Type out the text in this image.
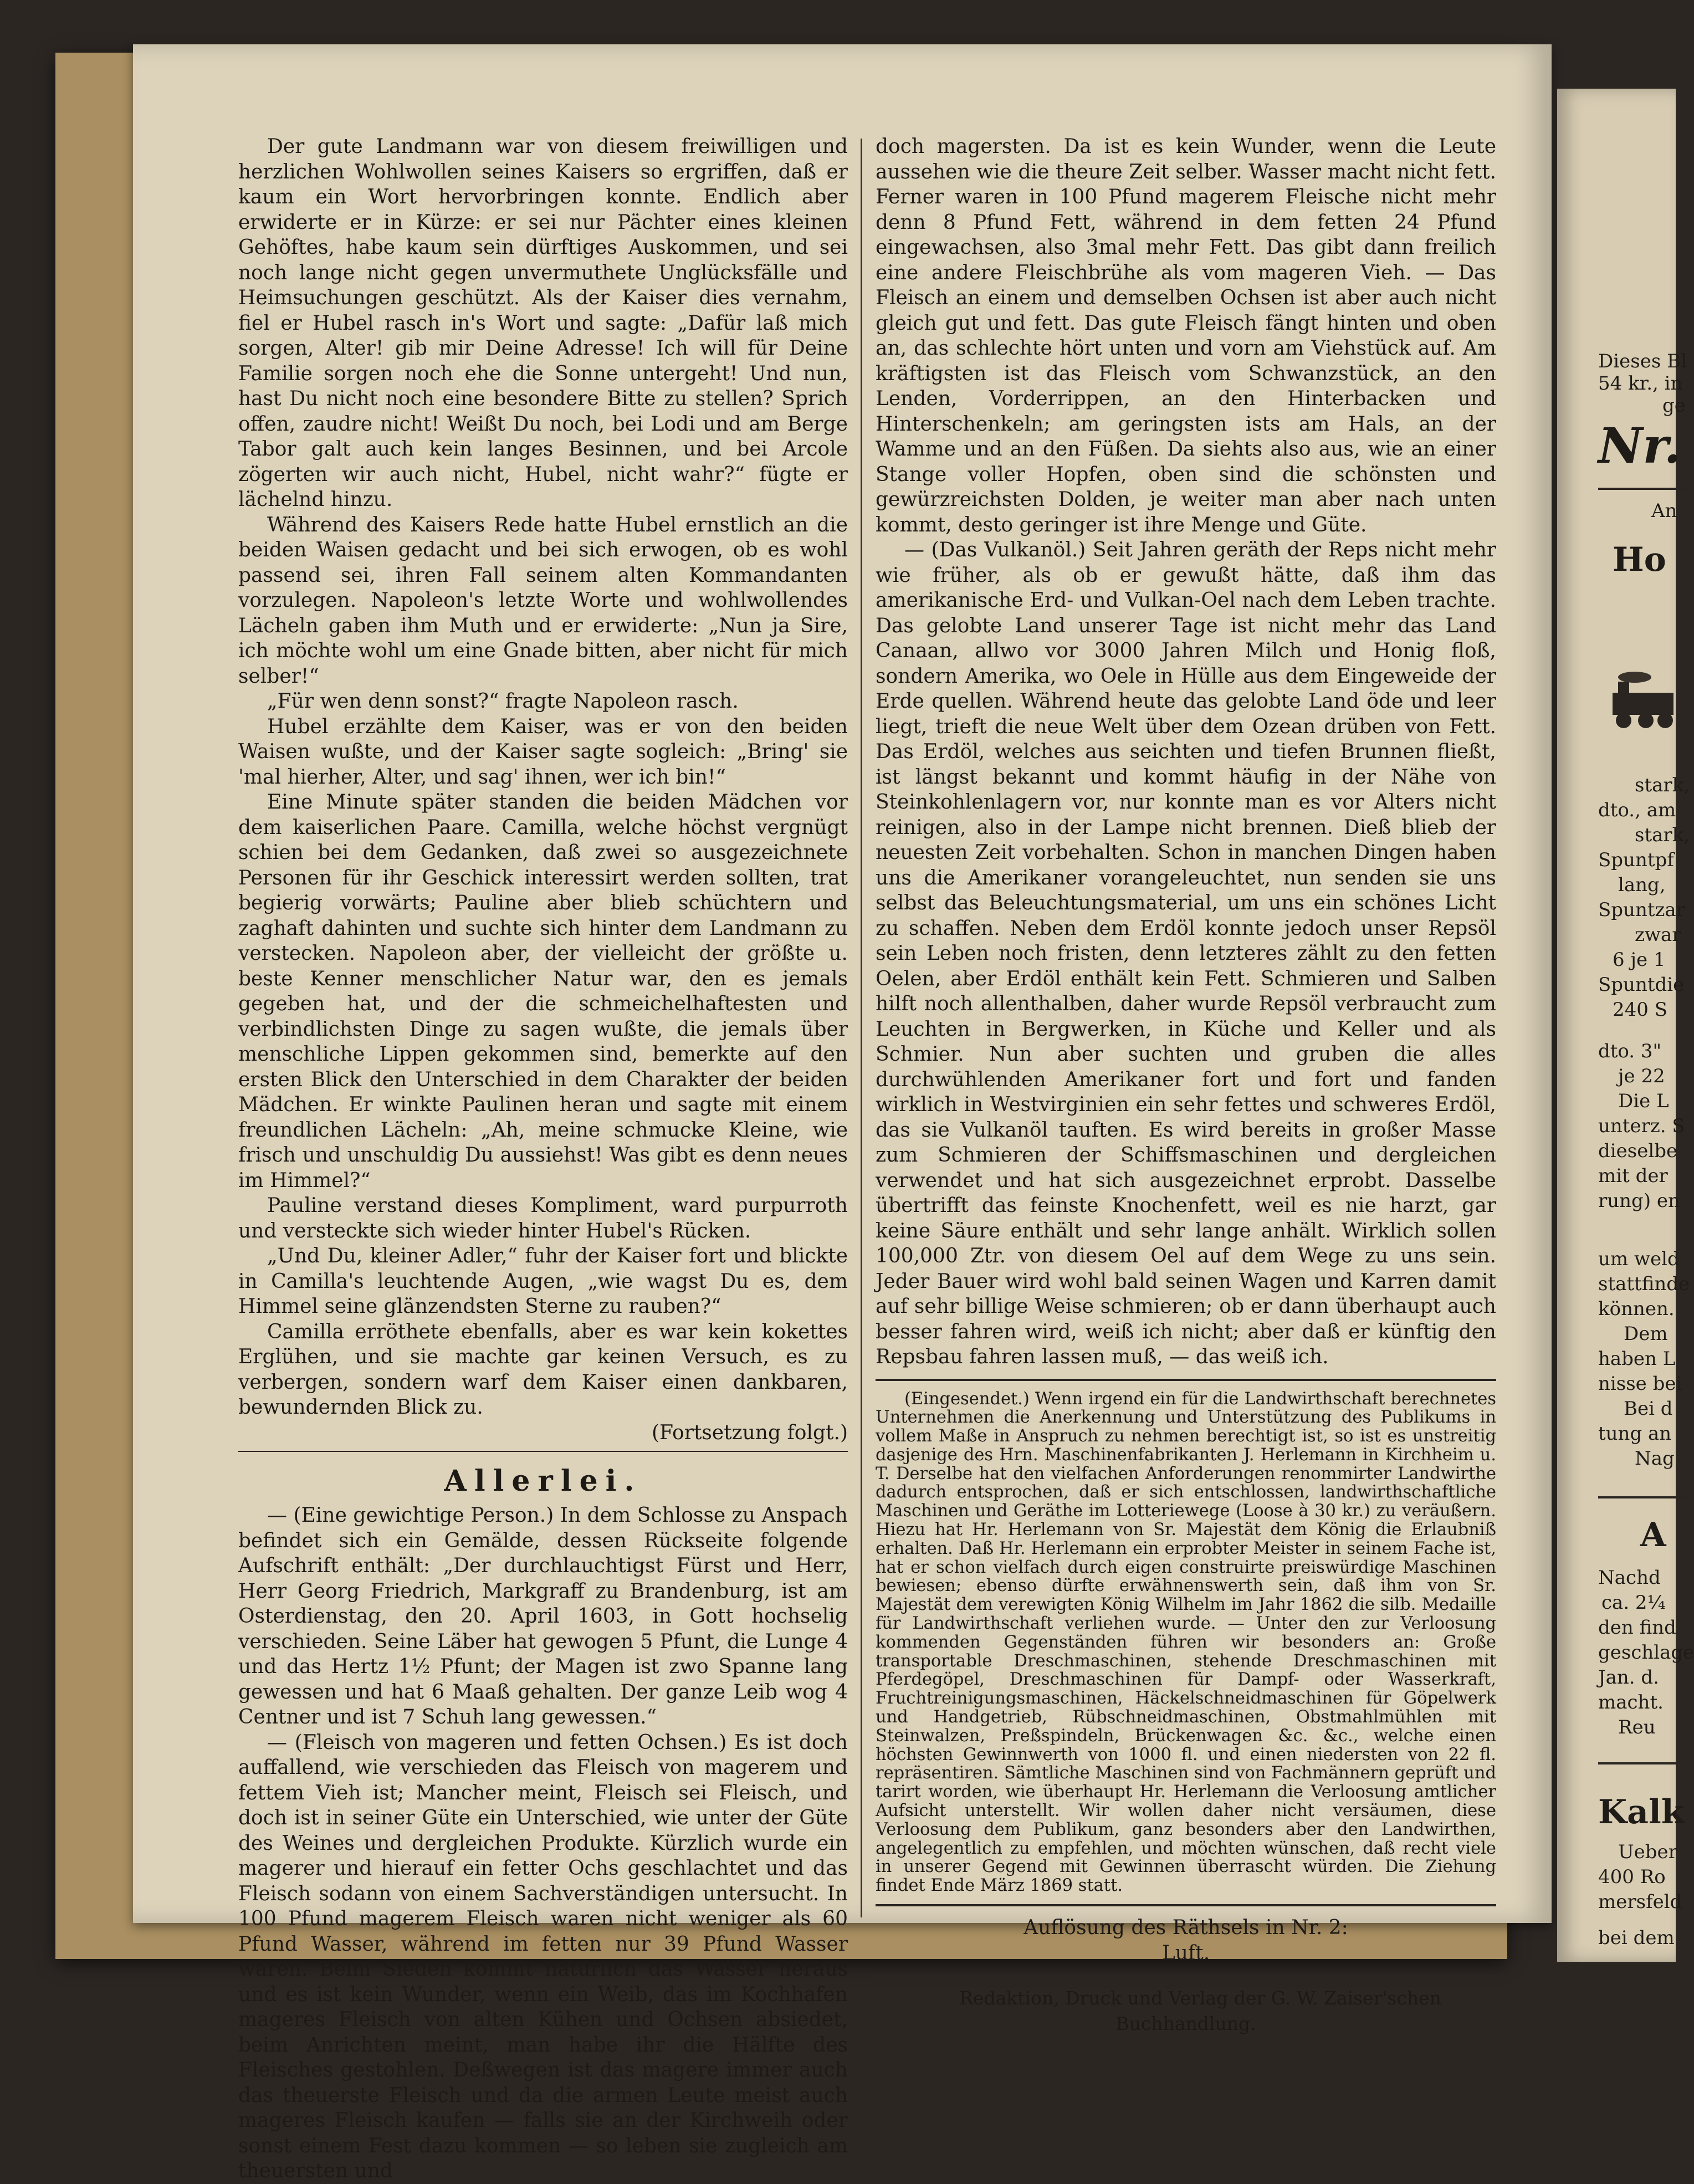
Der gute Landmann war von diesem freiwilligen und herzlichen Wohlwollen seines Kaisers so ergriffen, daß er kaum ein Wort hervorbringen konnte. Endlich aber erwiderte er in Kürze: er sei nur Pächter eines kleinen Gehöftes, habe kaum sein dürftiges Auskommen, und sei noch lange nicht gegen unvermuthete Unglücksfälle und Heimsuchungen geschützt. Als der Kaiser dies vernahm, fiel er Hubel rasch in's Wort und sagte: „Dafür laß mich sorgen, Alter! gib mir Deine Adresse! Ich will für Deine Familie sorgen noch ehe die Sonne untergeht! Und nun, hast Du nicht noch eine besondere Bitte zu stellen? Sprich offen, zaudre nicht! Weißt Du noch, bei Lodi und am Berge Tabor galt auch kein langes Besinnen, und bei Arcole zögerten wir auch nicht, Hubel, nicht wahr?“ fügte er lächelnd hinzu.

Während des Kaisers Rede hatte Hubel ernstlich an die beiden Waisen gedacht und bei sich erwogen, ob es wohl passend sei, ihren Fall seinem alten Kommandanten vorzulegen. Napoleon's letzte Worte und wohlwollendes Lächeln gaben ihm Muth und er erwiderte: „Nun ja Sire, ich möchte wohl um eine Gnade bitten, aber nicht für mich selber!“

„Für wen denn sonst?“ fragte Napoleon rasch.

Hubel erzählte dem Kaiser, was er von den beiden Waisen wußte, und der Kaiser sagte sogleich: „Bring' sie 'mal hierher, Alter, und sag' ihnen, wer ich bin!“

Eine Minute später standen die beiden Mädchen vor dem kaiserlichen Paare. Camilla, welche höchst vergnügt schien bei dem Gedanken, daß zwei so ausgezeichnete Personen für ihr Geschick interessirt werden sollten, trat begierig vorwärts; Pauline aber blieb schüchtern und zaghaft dahinten und suchte sich hinter dem Landmann zu verstecken. Napoleon aber, der vielleicht der größte u. beste Kenner menschlicher Natur war, den es jemals gegeben hat, und der die schmeichelhaftesten und verbindlichsten Dinge zu sagen wußte, die jemals über menschliche Lippen gekommen sind, bemerkte auf den ersten Blick den Unterschied in dem Charakter der beiden Mädchen. Er winkte Paulinen heran und sagte mit einem freundlichen Lächeln: „Ah, meine schmucke Kleine, wie frisch und unschuldig Du aussiehst! Was gibt es denn neues im Himmel?“

Pauline verstand dieses Kompliment, ward purpurroth und versteckte sich wieder hinter Hubel's Rücken.

„Und Du, kleiner Adler,“ fuhr der Kaiser fort und blickte in Camilla's leuchtende Augen, „wie wagst Du es, dem Himmel seine glänzendsten Sterne zu rauben?“

Camilla erröthete ebenfalls, aber es war kein kokettes Erglühen, und sie machte gar keinen Versuch, es zu verbergen, sondern warf dem Kaiser einen dankbaren, bewundernden Blick zu.

(Fortsetzung folgt.)

Allerlei.

— (Eine gewichtige Person.) In dem Schlosse zu Anspach befindet sich ein Gemälde, dessen Rückseite folgende Aufschrift enthält: „Der durchlauchtigst Fürst und Herr, Herr Georg Friedrich, Markgraff zu Brandenburg, ist am Osterdienstag, den 20. April 1603, in Gott hochselig verschieden. Seine Läber hat gewogen 5 Pfunt, die Lunge 4 und das Hertz 1½ Pfunt; der Magen ist zwo Spanne lang gewessen und hat 6 Maaß gehalten. Der ganze Leib wog 4 Centner und ist 7 Schuh lang gewessen.“

— (Fleisch von mageren und fetten Ochsen.) Es ist doch auffallend, wie verschieden das Fleisch von magerem und fettem Vieh ist; Mancher meint, Fleisch sei Fleisch, und doch ist in seiner Güte ein Unterschied, wie unter der Güte des Weines und dergleichen Produkte. Kürzlich wurde ein magerer und hierauf ein fetter Ochs geschlachtet und das Fleisch sodann von einem Sachverständigen untersucht. In 100 Pfund magerem Fleisch waren nicht weniger als 60 Pfund Wasser, während im fetten nur 39 Pfund Wasser waren. Beim Sieden kommt natürlich das Wasser heraus und es ist kein Wunder, wenn ein Weib, das im Kochhafen mageres Fleisch von alten Kühen und Ochsen absiedet, beim Anrichten meint, man habe ihr die Hälfte des Fleisches gestohlen. Deßwegen ist das magere immer auch das theuerste Fleisch und da die armen Leute meist auch mageres Fleisch kaufen — falls sie an der Kirchweih oder sonst einem Fest dazu kommen — so leben sie zugleich am theuersten und

doch magersten. Da ist es kein Wunder, wenn die Leute aussehen wie die theure Zeit selber. Wasser macht nicht fett. Ferner waren in 100 Pfund magerem Fleische nicht mehr denn 8 Pfund Fett, während in dem fetten 24 Pfund eingewachsen, also 3mal mehr Fett. Das gibt dann freilich eine andere Fleischbrühe als vom mageren Vieh. — Das Fleisch an einem und demselben Ochsen ist aber auch nicht gleich gut und fett. Das gute Fleisch fängt hinten und oben an, das schlechte hört unten und vorn am Viehstück auf. Am kräftigsten ist das Fleisch vom Schwanzstück, an den Lenden, Vorderrippen, an den Hinterbacken und Hinterschenkeln; am geringsten ists am Hals, an der Wamme und an den Füßen. Da siehts also aus, wie an einer Stange voller Hopfen, oben sind die schönsten und gewürzreichsten Dolden, je weiter man aber nach unten kommt, desto geringer ist ihre Menge und Güte.

— (Das Vulkanöl.) Seit Jahren geräth der Reps nicht mehr wie früher, als ob er gewußt hätte, daß ihm das amerikanische Erd- und Vulkan-Oel nach dem Leben trachte. Das gelobte Land unserer Tage ist nicht mehr das Land Canaan, allwo vor 3000 Jahren Milch und Honig floß, sondern Amerika, wo Oele in Hülle aus dem Eingeweide der Erde quellen. Während heute das gelobte Land öde und leer liegt, trieft die neue Welt über dem Ozean drüben von Fett. Das Erdöl, welches aus seichten und tiefen Brunnen fließt, ist längst bekannt und kommt häufig in der Nähe von Steinkohlenlagern vor, nur konnte man es vor Alters nicht reinigen, also in der Lampe nicht brennen. Dieß blieb der neuesten Zeit vorbehalten. Schon in manchen Dingen haben uns die Amerikaner vorangeleuchtet, nun senden sie uns selbst das Beleuchtungsmaterial, um uns ein schönes Licht zu schaffen. Neben dem Erdöl konnte jedoch unser Repsöl sein Leben noch fristen, denn letzteres zählt zu den fetten Oelen, aber Erdöl enthält kein Fett. Schmieren und Salben hilft noch allenthalben, daher wurde Repsöl verbraucht zum Leuchten in Bergwerken, in Küche und Keller und als Schmier. Nun aber suchten und gruben die alles durchwühlenden Amerikaner fort und fort und fanden wirklich in Westvirginien ein sehr fettes und schweres Erdöl, das sie Vulkanöl tauften. Es wird bereits in großer Masse zum Schmieren der Schiffsmaschinen und dergleichen verwendet und hat sich ausgezeichnet erprobt. Dasselbe übertrifft das feinste Knochenfett, weil es nie harzt, gar keine Säure enthält und sehr lange anhält. Wirklich sollen 100,000 Ztr. von diesem Oel auf dem Wege zu uns sein. Jeder Bauer wird wohl bald seinen Wagen und Karren damit auf sehr billige Weise schmieren; ob er dann überhaupt auch besser fahren wird, weiß ich nicht; aber daß er künftig den Repsbau fahren lassen muß, — das weiß ich.

(Eingesendet.) Wenn irgend ein für die Landwirthschaft berechnetes Unternehmen die Anerkennung und Unterstützung des Publikums in vollem Maße in Anspruch zu nehmen berechtigt ist, so ist es unstreitig dasjenige des Hrn. Maschinenfabrikanten J. Herlemann in Kirchheim u. T. Derselbe hat den vielfachen Anforderungen renommirter Landwirthe dadurch entsprochen, daß er sich entschlossen, landwirthschaftliche Maschinen und Geräthe im Lotteriewege (Loose à 30 kr.) zu veräußern. Hiezu hat Hr. Herlemann von Sr. Majestät dem König die Erlaubniß erhalten. Daß Hr. Herlemann ein erprobter Meister in seinem Fache ist, hat er schon vielfach durch eigen construirte preiswürdige Maschinen bewiesen; ebenso dürfte erwähnenswerth sein, daß ihm von Sr. Majestät dem verewigten König Wilhelm im Jahr 1862 die silb. Medaille für Landwirthschaft verliehen wurde. — Unter den zur Verloosung kommenden Gegenständen führen wir besonders an: Große transportable Dreschmaschinen, stehende Dreschmaschinen mit Pferdegöpel, Dreschmaschinen für Dampf- oder Wasserkraft, Fruchtreinigungsmaschinen, Häckelschneidmaschinen für Göpelwerk und Handgetrieb, Rübschneidmaschinen, Obstmahlmühlen mit Steinwalzen, Preßspindeln, Brückenwagen &c. &c., welche einen höchsten Gewinnwerth von 1000 fl. und einen niedersten von 22 fl. repräsentiren. Sämtliche Maschinen sind von Fachmännern geprüft und tarirt worden, wie überhaupt Hr. Herlemann die Verloosung amtlicher Aufsicht unterstellt. Wir wollen daher nicht versäumen, diese Verloosung dem Publikum, ganz besonders aber den Landwirthen, angelegentlich zu empfehlen, und möchten wünschen, daß recht viele in unserer Gegend mit Gewinnen überrascht würden. Die Ziehung findet Ende März 1869 statt.

Auflösung des Räthsels in Nr. 2:

Luft.

Redaktion, Druck und Verlag der G. W. Zaiser'schen Buchhandlung.

Dieses Bl
54 kr., in
ge
Nr.
An
Ho
stark,
dto., am
stark,
Spuntpf
lang,
Spuntzar
zwar
6 je 1
Spuntdie
240 S
dto. 3"
je 22
Die L
unterz. S
dieselbe
mit der
rung) en
um weld
stattfinde
können.
Dem
haben L
nisse bei
Bei d
tung an
Nag
A
Nachd
ca. 2¼
den find
geschlage
Jan. d.
macht.
Reu
Kalk
Ueber
400 Ro
mersfeld
bei dem
